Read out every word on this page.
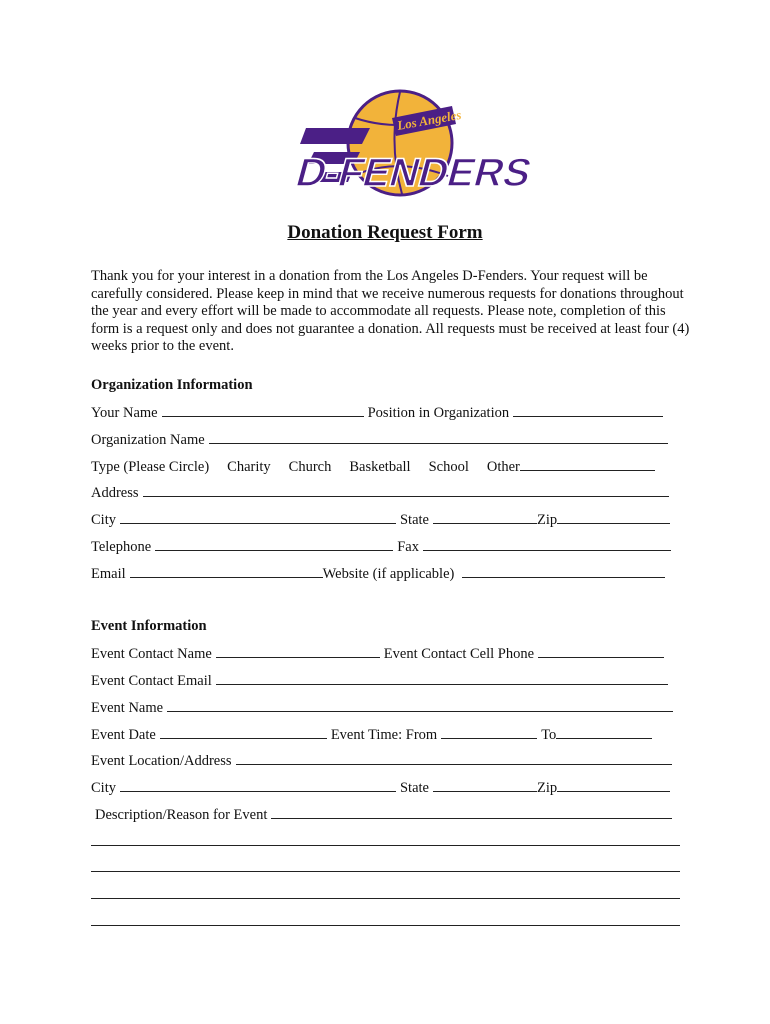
Los Angeles
D-FENDERS
Donation Request Form
Thank you for your interest in a donation from the Los Angeles D-Fenders. Your request will be carefully considered. Please keep in mind that we receive numerous requests for donations throughout the year and every effort will be made to accommodate all requests. Please note, completion of this form is a request only and does not guarantee a donation. All requests must be received at least four (4) weeks prior to the event.
Organization Information
Your Name	Position in Organization
Organization Name
Type (Please Circle) Charity Church Basketball School Other
Address
City	State	Zip
Telephone	Fax
Email	Website (if applicable)
Event Information
Event Contact Name	Event Contact Cell Phone
Event Contact Email
Event Name
Event Date	Event Time: From	To
Event Location/Address
City	State	Zip
Description/Reason for Event
